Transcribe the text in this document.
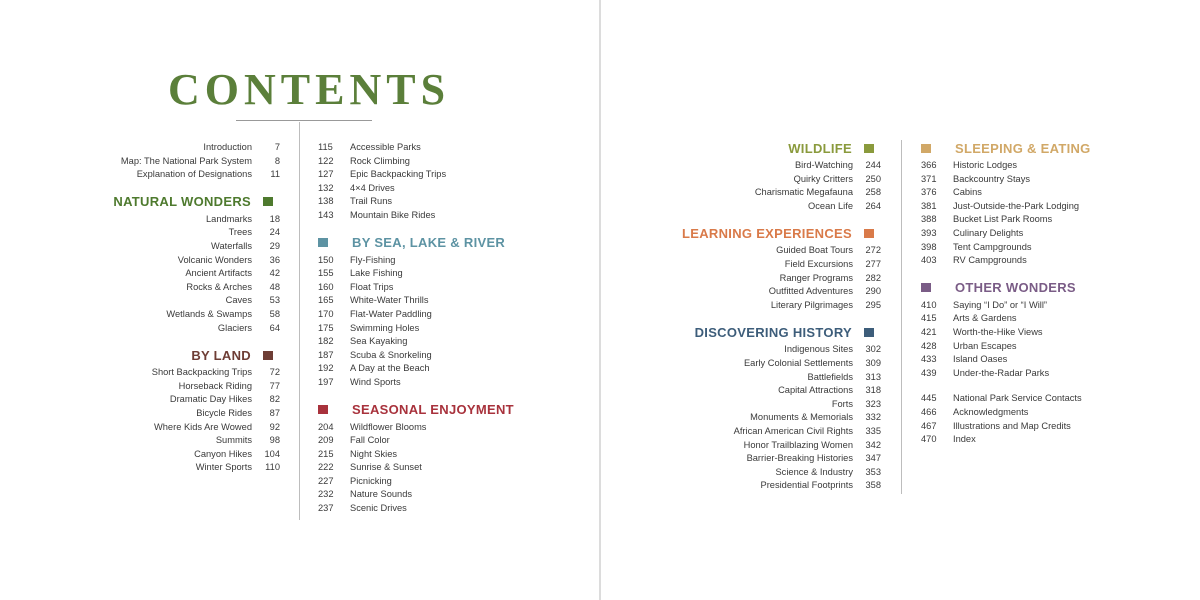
CONTENTS
Introduction	7
Map: The National Park System	8
Explanation of Designations	11
NATURAL WONDERS
Landmarks	18
Trees	24
Waterfalls	29
Volcanic Wonders	36
Ancient Artifacts	42
Rocks & Arches	48
Caves	53
Wetlands & Swamps	58
Glaciers	64
BY LAND
Short Backpacking Trips	72
Horseback Riding	77
Dramatic Day Hikes	82
Bicycle Rides	87
Where Kids Are Wowed	92
Summits	98
Canyon Hikes	104
Winter Sports	110
115	Accessible Parks
122	Rock Climbing
127	Epic Backpacking Trips
132	4×4 Drives
138	Trail Runs
143	Mountain Bike Rides
BY SEA, LAKE & RIVER
150	Fly-Fishing
155	Lake Fishing
160	Float Trips
165	White-Water Thrills
170	Flat-Water Paddling
175	Swimming Holes
182	Sea Kayaking
187	Scuba & Snorkeling
192	A Day at the Beach
197	Wind Sports
SEASONAL ENJOYMENT
204	Wildflower Blooms
209	Fall Color
215	Night Skies
222	Sunrise & Sunset
227	Picnicking
232	Nature Sounds
237	Scenic Drives
WILDLIFE
Bird-Watching	244
Quirky Critters	250
Charismatic Megafauna	258
Ocean Life	264
LEARNING EXPERIENCES
Guided Boat Tours	272
Field Excursions	277
Ranger Programs	282
Outfitted Adventures	290
Literary Pilgrimages	295
DISCOVERING HISTORY
Indigenous Sites	302
Early Colonial Settlements	309
Battlefields	313
Capital Attractions	318
Forts	323
Monuments & Memorials	332
African American Civil Rights	335
Honor Trailblazing Women	342
Barrier-Breaking Histories	347
Science & Industry	353
Presidential Footprints	358
SLEEPING & EATING
366	Historic Lodges
371	Backcountry Stays
376	Cabins
381	Just-Outside-the-Park Lodging
388	Bucket List Park Rooms
393	Culinary Delights
398	Tent Campgrounds
403	RV Campgrounds
OTHER WONDERS
410	Saying “I Do” or “I Will”
415	Arts & Gardens
421	Worth-the-Hike Views
428	Urban Escapes
433	Island Oases
439	Under-the-Radar Parks
445	National Park Service Contacts
466	Acknowledgments
467	Illustrations and Map Credits
470	Index
